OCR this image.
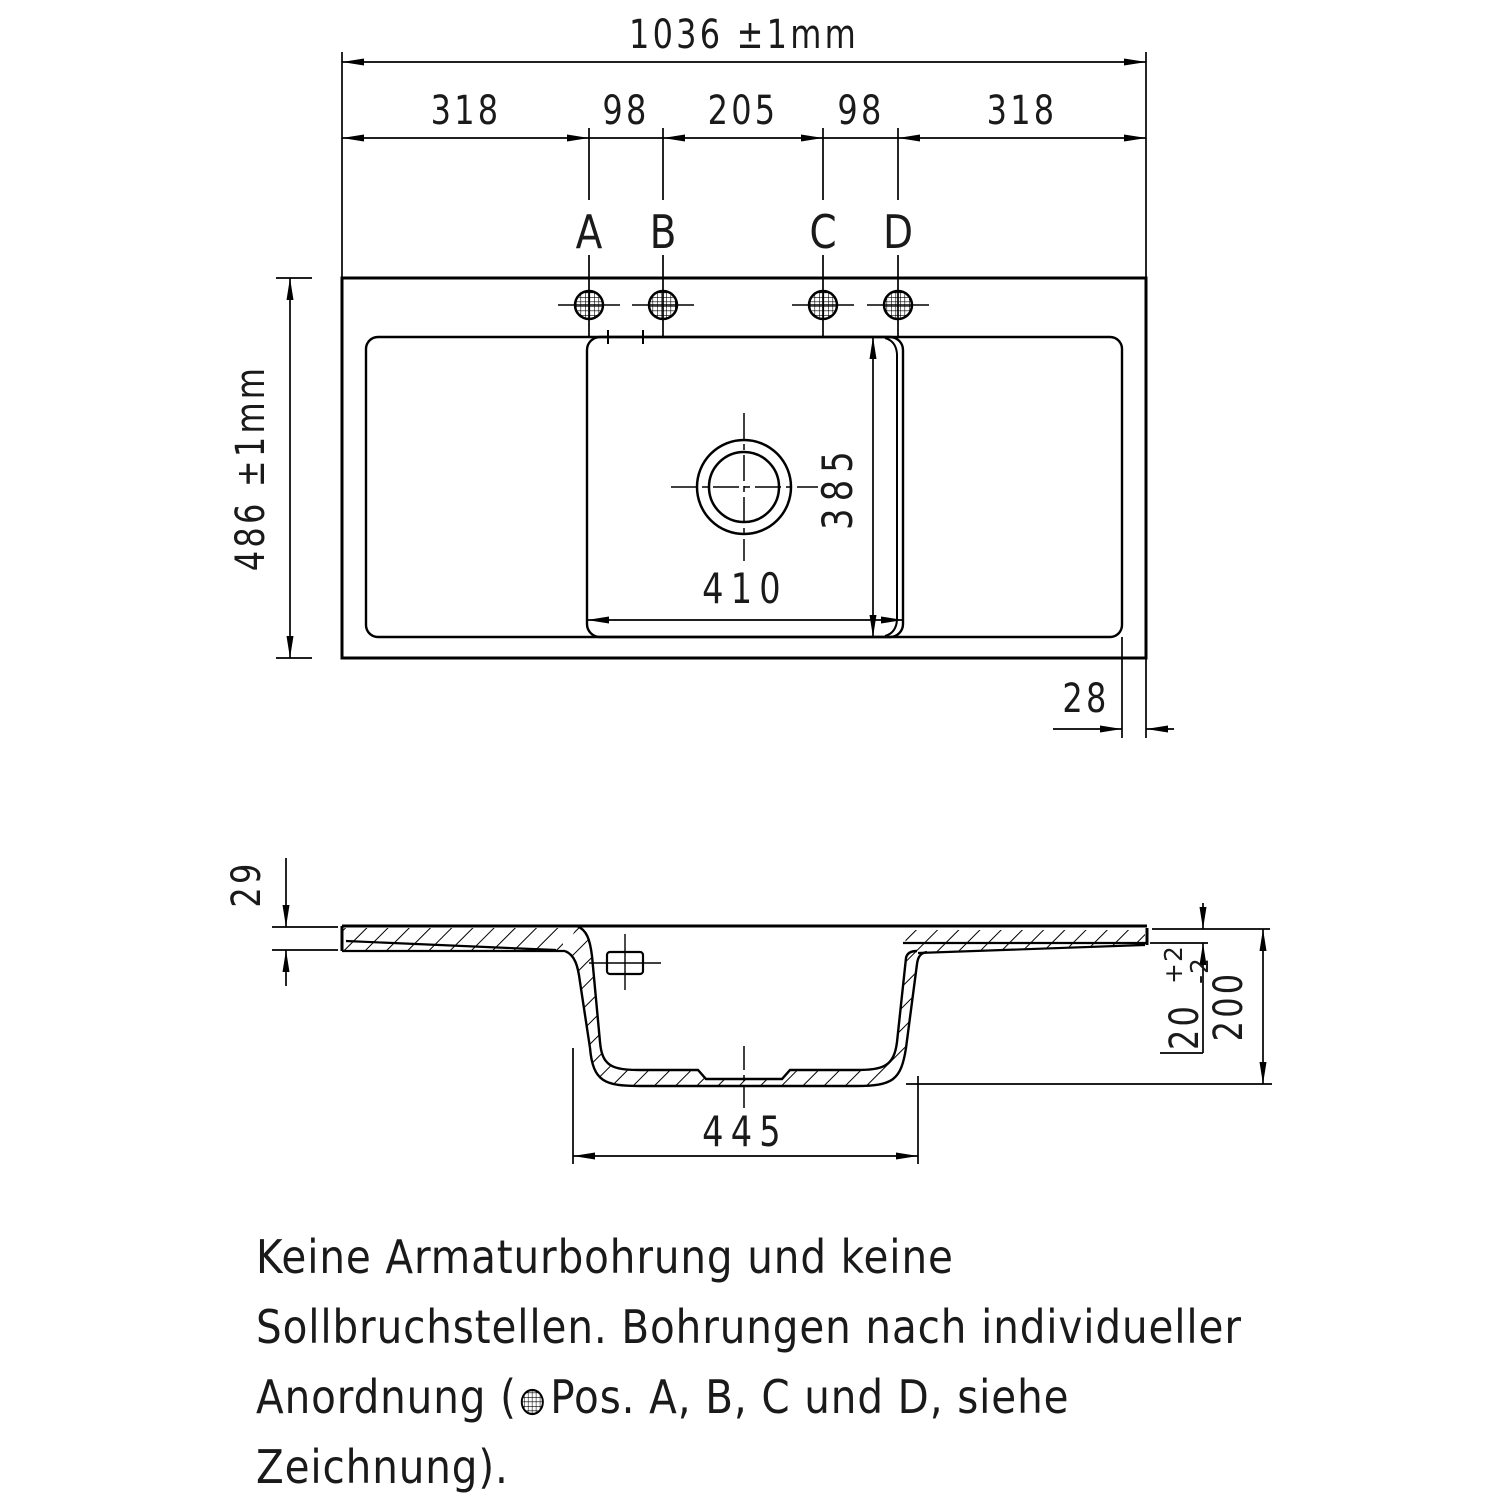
1036 ±1mm
318	98 205 98	318
A B	C D
486 ±1mm
410
385
28
29
445
20
+2
-2
200
Keine Armaturbohrung und keine
Sollbruchstellen. Bohrungen nach individueller
Anordnung ( Pos. A, B, C und D, siehe
Zeichnung).
